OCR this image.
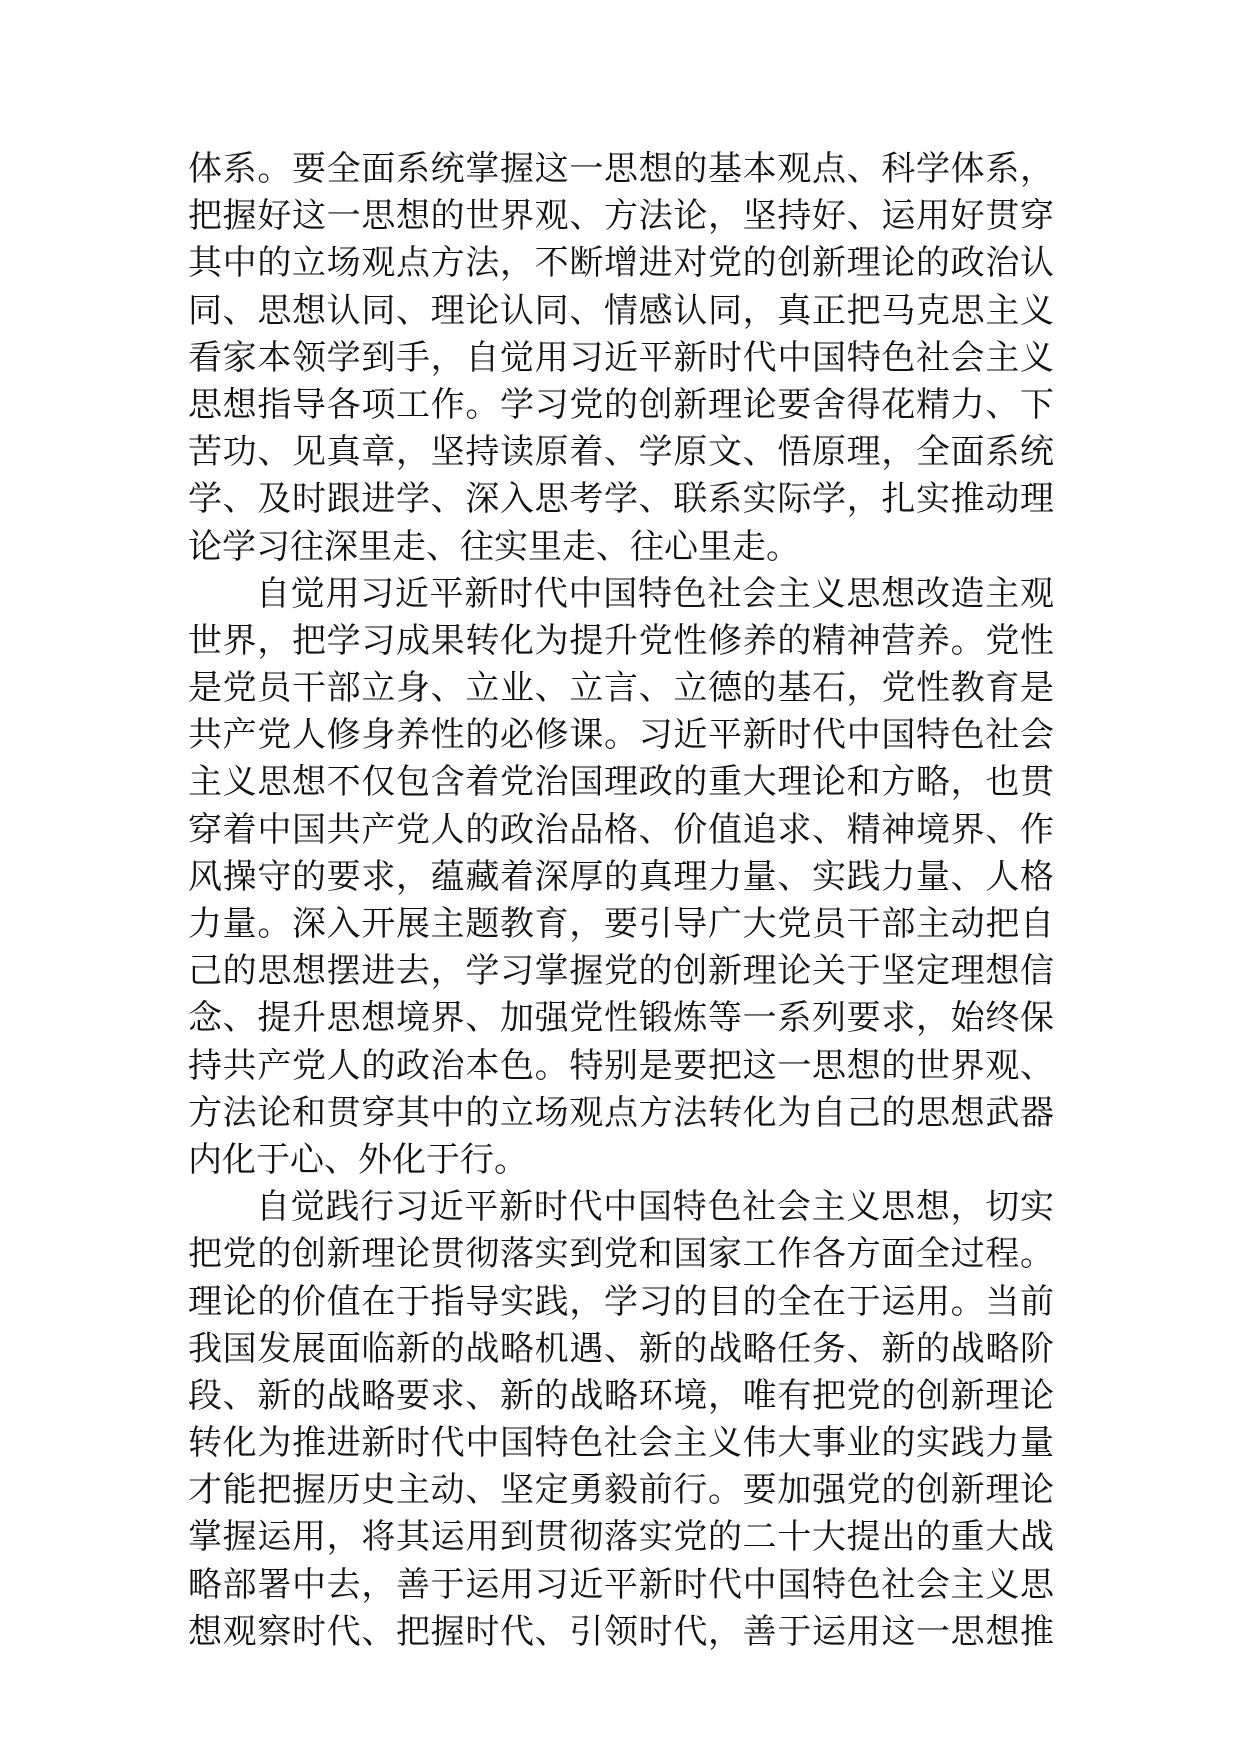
体系。要全面系统掌握这一思想的基本观点、科学体系，
把握好这一思想的世界观、方法论，坚持好、运用好贯穿
其中的立场观点方法，不断增进对党的创新理论的政治认
同、思想认同、理论认同、情感认同，真正把马克思主义
看家本领学到手，自觉用习近平新时代中国特色社会主义
思想指导各项工作。学习党的创新理论要舍得花精力、下
苦功、见真章，坚持读原着、学原文、悟原理，全面系统
学、及时跟进学、深入思考学、联系实际学，扎实推动理
论学习往深里走、往实里走、往心里走。
自觉用习近平新时代中国特色社会主义思想改造主观
世界，把学习成果转化为提升党性修养的精神营养。党性
是党员干部立身、立业、立言、立德的基石，党性教育是
共产党人修身养性的必修课。习近平新时代中国特色社会
主义思想不仅包含着党治国理政的重大理论和方略，也贯
穿着中国共产党人的政治品格、价值追求、精神境界、作
风操守的要求，蕴藏着深厚的真理力量、实践力量、人格
力量。深入开展主题教育，要引导广大党员干部主动把自
己的思想摆进去，学习掌握党的创新理论关于坚定理想信
念、提升思想境界、加强党性锻炼等一系列要求，始终保
持共产党人的政治本色。特别是要把这一思想的世界观、
方法论和贯穿其中的立场观点方法转化为自己的思想武器
内化于心、外化于行。
自觉践行习近平新时代中国特色社会主义思想，切实
把党的创新理论贯彻落实到党和国家工作各方面全过程。
理论的价值在于指导实践，学习的目的全在于运用。当前
我国发展面临新的战略机遇、新的战略任务、新的战略阶
段、新的战略要求、新的战略环境，唯有把党的创新理论
转化为推进新时代中国特色社会主义伟大事业的实践力量
才能把握历史主动、坚定勇毅前行。要加强党的创新理论
掌握运用，将其运用到贯彻落实党的二十大提出的重大战
略部署中去，善于运用习近平新时代中国特色社会主义思
想观察时代、把握时代、引领时代，善于运用这一思想推
